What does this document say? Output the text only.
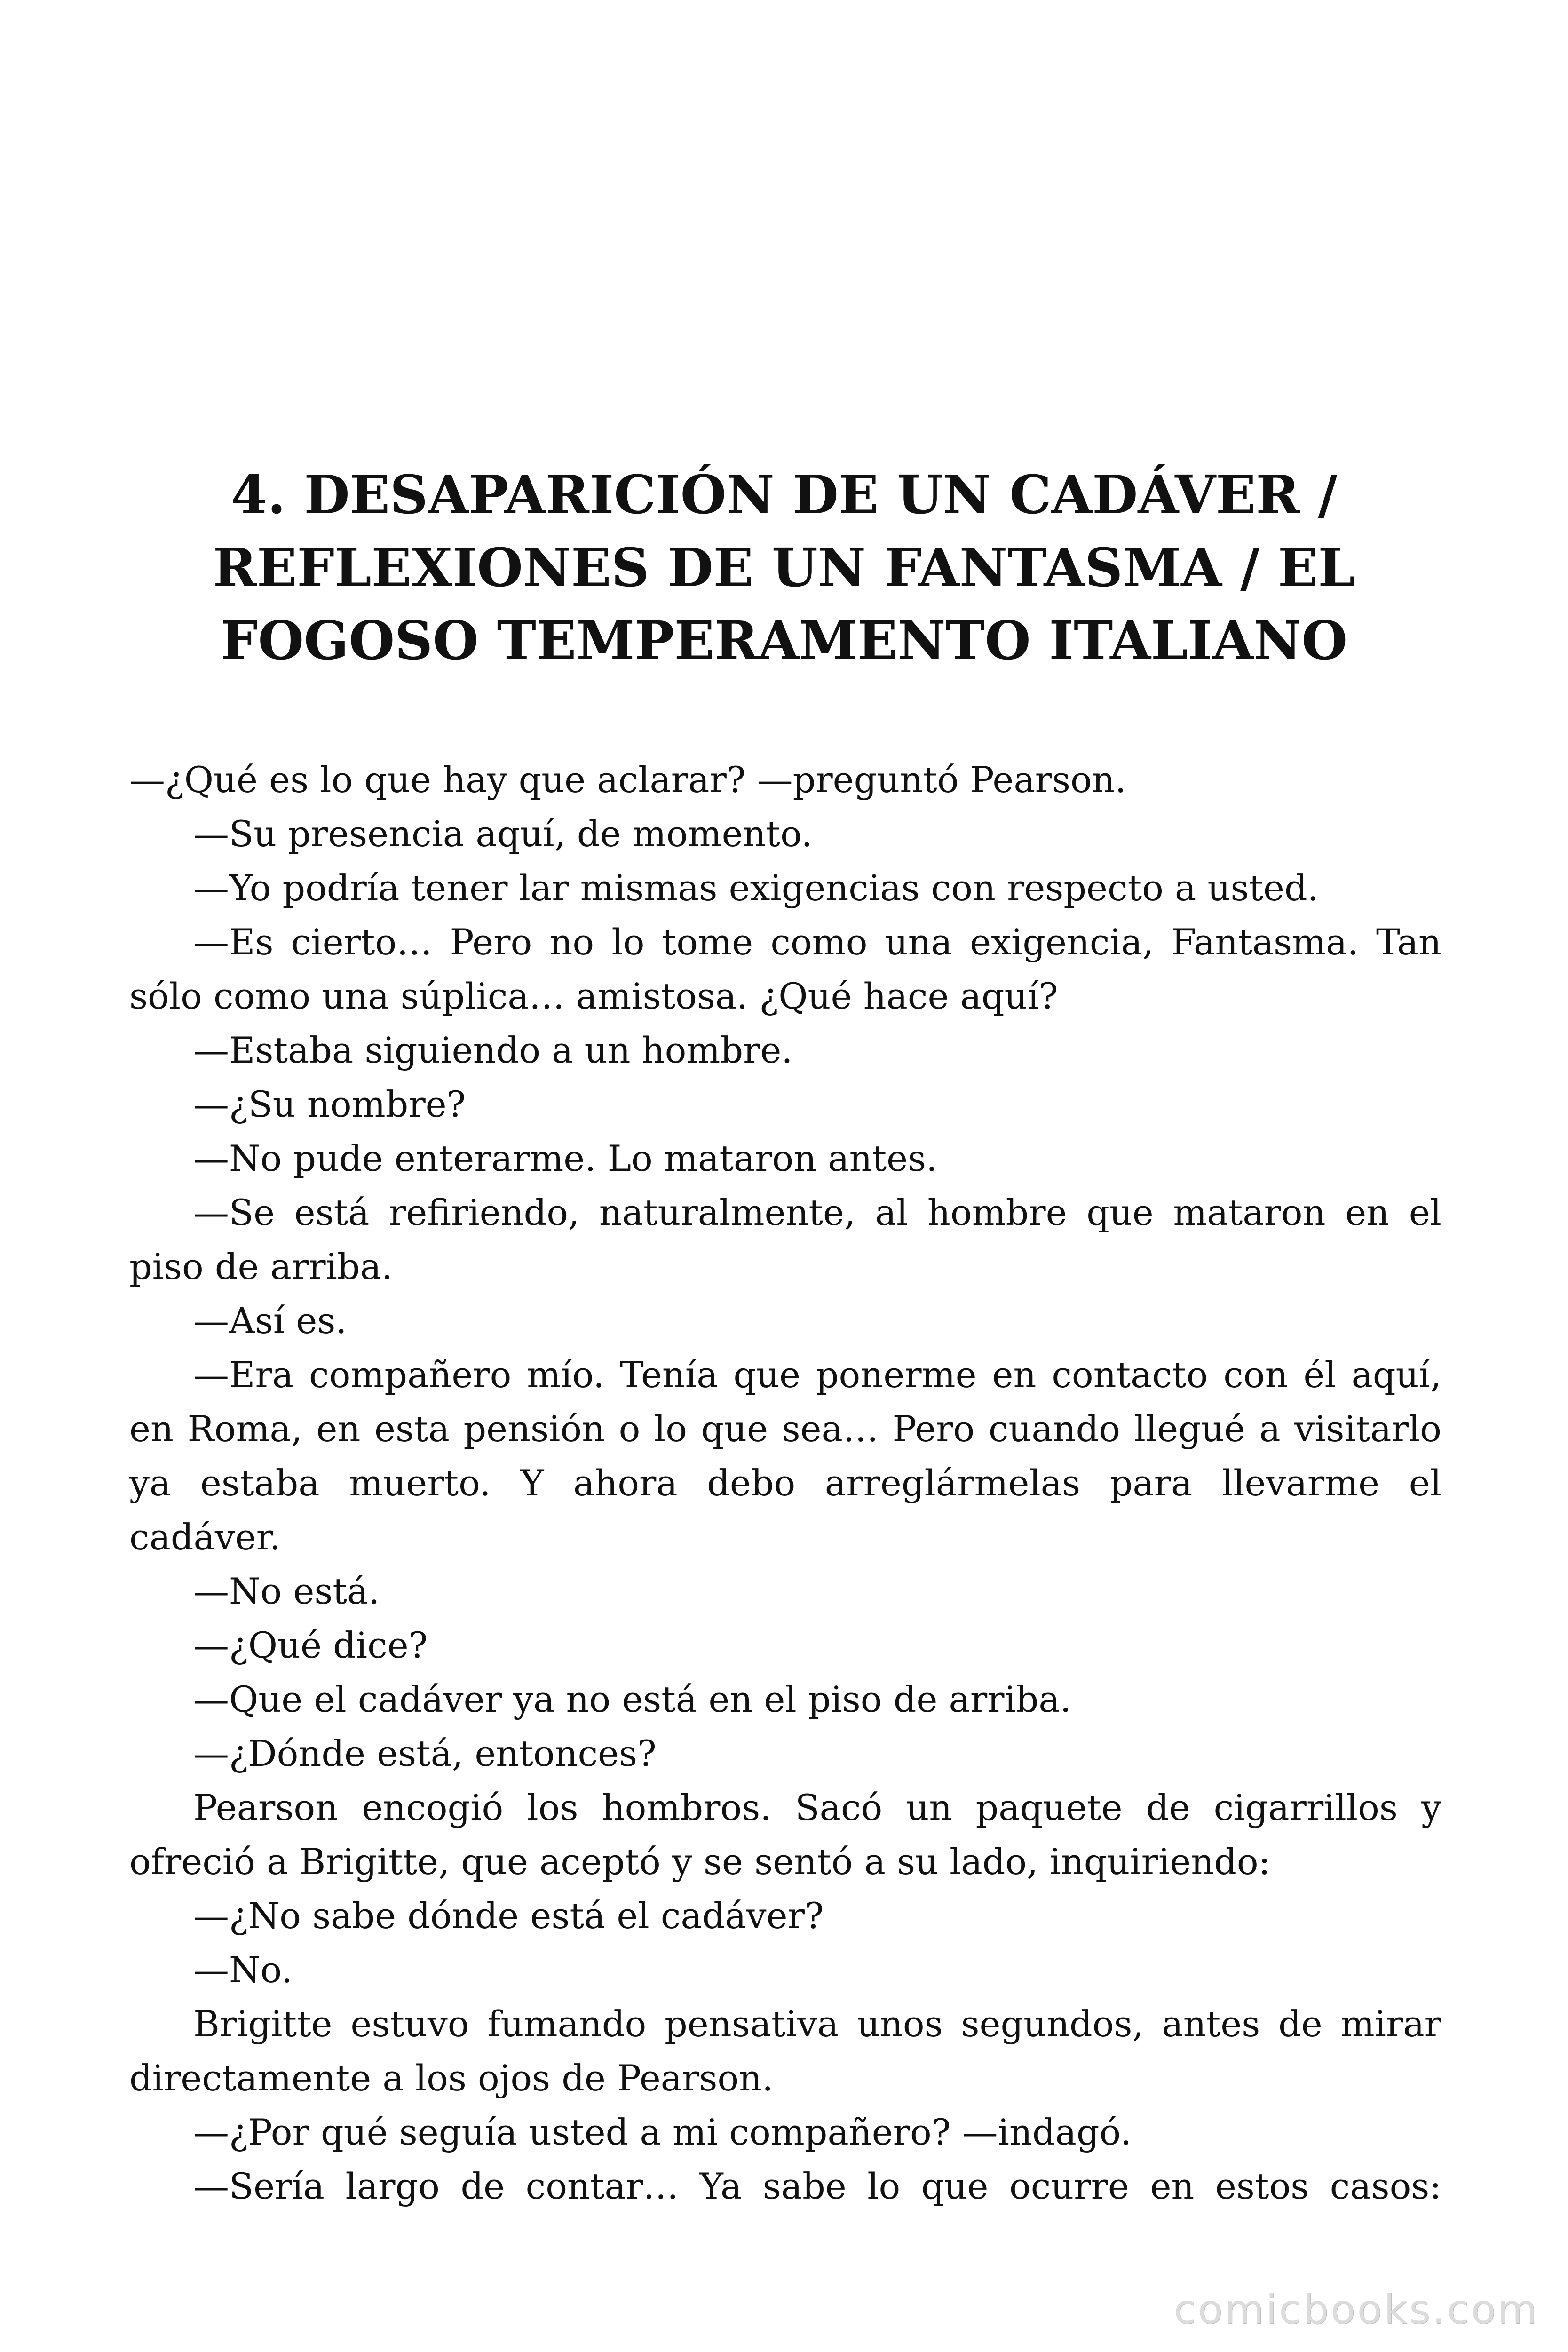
4. DESAPARICIÓN DE UN CADÁVER /
REFLEXIONES DE UN FANTASMA / EL
FOGOSO TEMPERAMENTO ITALIANO

—¿Qué es lo que hay que aclarar? —preguntó Pearson.

—Su presencia aquí, de momento.

—Yo podría tener lar mismas exigencias con respecto a usted.

—Es cierto… Pero no lo tome como una exigencia, Fantasma. Tan sólo como una súplica… amistosa. ¿Qué hace aquí?

—Estaba siguiendo a un hombre.

—¿Su nombre?

—No pude enterarme. Lo mataron antes.

—Se está refiriendo, naturalmente, al hombre que mataron en el piso de arriba.

—Así es.

—Era compañero mío. Tenía que ponerme en contacto con él aquí, en Roma, en esta pensión o lo que sea… Pero cuando llegué a visitarlo ya estaba muerto. Y ahora debo arreglármelas para llevarme el cadáver.

—No está.

—¿Qué dice?

—Que el cadáver ya no está en el piso de arriba.

—¿Dónde está, entonces?

Pearson encogió los hombros. Sacó un paquete de cigarrillos y ofreció a Brigitte, que aceptó y se sentó a su lado, inquiriendo:

—¿No sabe dónde está el cadáver?

—No.

Brigitte estuvo fumando pensativa unos segundos, antes de mirar directamente a los ojos de Pearson.

—¿Por qué seguía usted a mi compañero? —indagó.

—Sería largo de contar… Ya sabe lo que ocurre en estos casos:

comicbooks.com
